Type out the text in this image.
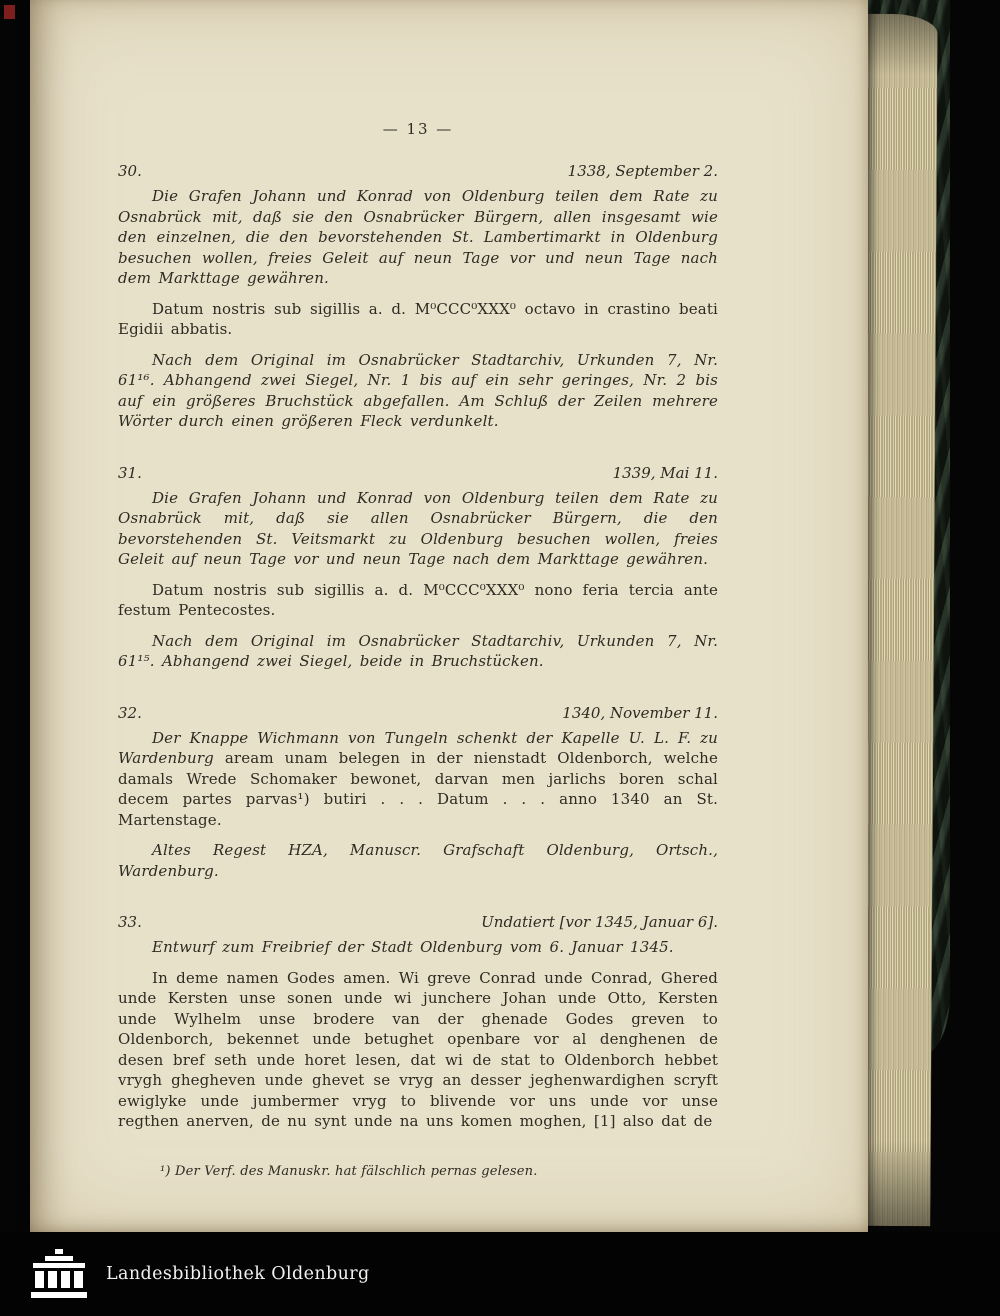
— 13 —
30.	1338, September 2.

Die Grafen Johann und Konrad von Oldenburg teilen dem Rate zu Osnabrück mit, daß sie den Osnabrücker Bürgern, allen insgesamt wie den einzelnen, die den bevorstehenden St. Lambertimarkt in Oldenburg besuchen wollen, freies Geleit auf neun Tage vor und neun Tage nach dem Markttage gewähren.

Datum nostris sub sigillis a. d. M⁰CCC⁰XXX⁰ octavo in crastino beati Egidii abbatis.

Nach dem Original im Osnabrücker Stadtarchiv, Urkunden 7, Nr. 61¹⁶. Abhangend zwei Siegel, Nr. 1 bis auf ein sehr geringes, Nr. 2 bis auf ein größeres Bruchstück abgefallen. Am Schluß der Zeilen mehrere Wörter durch einen größeren Fleck verdunkelt.

31.	1339, Mai 11.

Die Grafen Johann und Konrad von Oldenburg teilen dem Rate zu Osnabrück mit, daß sie allen Osnabrücker Bürgern, die den bevorstehenden St. Veitsmarkt zu Oldenburg besuchen wollen, freies Geleit auf neun Tage vor und neun Tage nach dem Markttage gewähren.

Datum nostris sub sigillis a. d. M⁰CCC⁰XXX⁰ nono feria tercia ante festum Pentecostes.

Nach dem Original im Osnabrücker Stadtarchiv, Urkunden 7, Nr. 61¹⁵. Abhangend zwei Siegel, beide in Bruchstücken.

32.	1340, November 11.

Der Knappe Wichmann von Tungeln schenkt der Kapelle U. L. F. zu Wardenburg aream unam belegen in der nienstadt Oldenborch, welche damals Wrede Schomaker bewonet, darvan men jarlichs boren schal decem partes parvas¹) butiri . . . Datum . . . anno 1340 an St. Martenstage.

Altes Regest HZA, Manuscr. Grafschaft Oldenburg, Ortsch., Wardenburg.

33.	Undatiert [vor 1345, Januar 6].

Entwurf zum Freibrief der Stadt Oldenburg vom 6. Januar 1345.

In deme namen Godes amen. Wi greve Conrad unde Conrad, Ghered unde Kersten unse sonen unde wi junchere Johan unde Otto, Kersten unde Wylhelm unse brodere van der ghenade Godes greven to Oldenborch, bekennet unde betughet openbare vor al denghenen de desen bref seth unde horet lesen, dat wi de stat to Oldenborch hebbet vrygh ghegheven unde ghevet se vryg an desser jeghenwardighen scryft ewiglyke unde jumbermer vryg to blivende vor uns unde vor unse regthen anerven, de nu synt unde na uns komen moghen, [1] also dat de

¹) Der Verf. des Manuskr. hat fälschlich pernas gelesen.
Landesbibliothek Oldenburg
